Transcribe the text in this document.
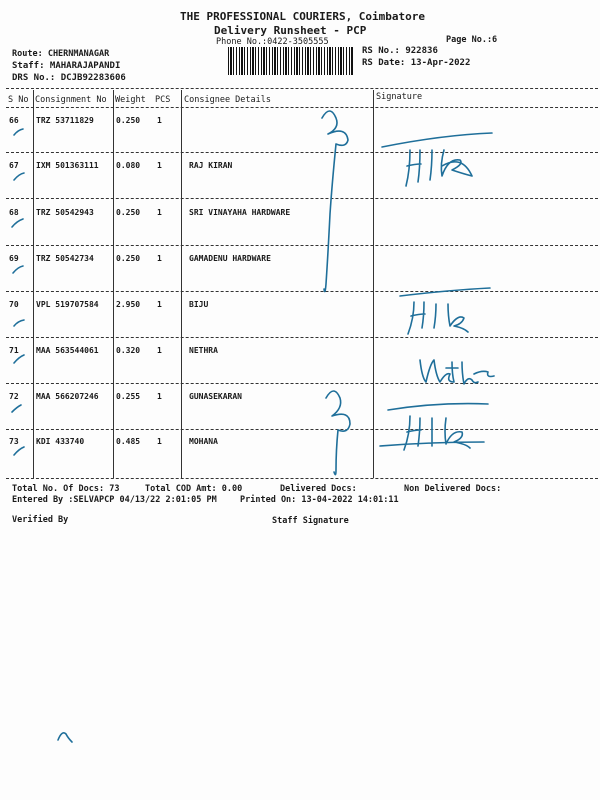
THE PROFESSIONAL COURIERS, Coimbatore
Delivery Runsheet - PCP
Phone No.:0422-3505555	Page No.:6
Route: CHERNMANAGAR
Staff: MAHARAJAPANDI
DRS No.: DCJB92283606
RS No.: 922836
RS Date: 13-Apr-2022
S No Consignment No Weight PCS Consignee Details	Signature
66 TRZ 53711829	0.250 1
67 IXM 501363111 0.080 1	RAJ KIRAN
68 TRZ 50542943	0.250 1	SRI VINAYAHA HARDWARE
69 TRZ 50542734	0.250 1	GAMADENU HARDWARE
70 VPL 519707584 2.950 1	BIJU
71 MAA 563544061 0.320 1	NETHRA
72 MAA 566207246 0.255 1	GUNASEKARAN
73 KDI 433740	0.485 1	MOHANA
Total No. Of Docs: 73	Total COD Amt: 0.00	Delivered Docs:	Non Delivered Docs:
Entered By :SELVAPCP 04/13/22 2:01:05 PM	Printed On: 13-04-2022 14:01:11
Verified By	Staff Signature
